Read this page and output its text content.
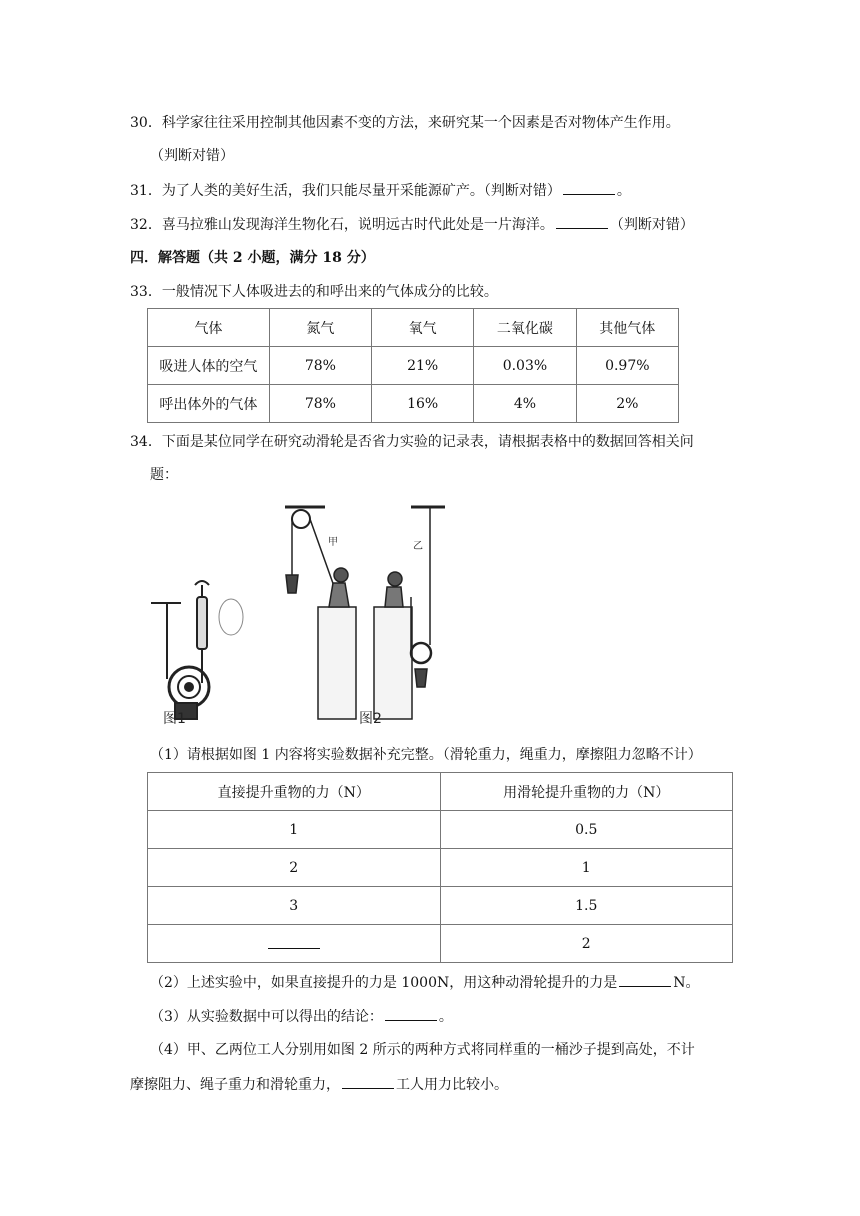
30．科学家往往采用控制其他因素不变的方法，来研究某一个因素是否对物体产生作用。
（判断对错）
31．为了人类的美好生活，我们只能尽量开采能源矿产。（判断对错）	。
32．喜马拉雅山发现海洋生物化石，说明远古时代此处是一片海洋。	（判断对错）
四．解答题（共 2 小题，满分 18 分）
33．一般情况下人体吸进去的和呼出来的气体成分的比较。
气体	氮气	氧气	二氧化碳	其他气体
吸进人体的空气	78%	21%	0.03%	0.97%
呼出体外的气体	78%	16%	4%	2%
34．下面是某位同学在研究动滑轮是否省力实验的记录表，请根据表格中的数据回答相关问
题：
图1
甲	乙
图2
（1）请根据如图 1 内容将实验数据补充完整。（滑轮重力，绳重力，摩擦阻力忽略不计）
直接提升重物的力（N）	用滑轮提升重物的力（N）
1	0.5
2	1
3	1.5
	2
（2）上述实验中，如果直接提升的力是 1000N，用这种动滑轮提升的力是	N。
（3）从实验数据中可以得出的结论：	。
（4）甲、乙两位工人分别用如图 2 所示的两种方式将同样重的一桶沙子提到高处，不计
摩擦阻力、绳子重力和滑轮重力，	工人用力比较小。
